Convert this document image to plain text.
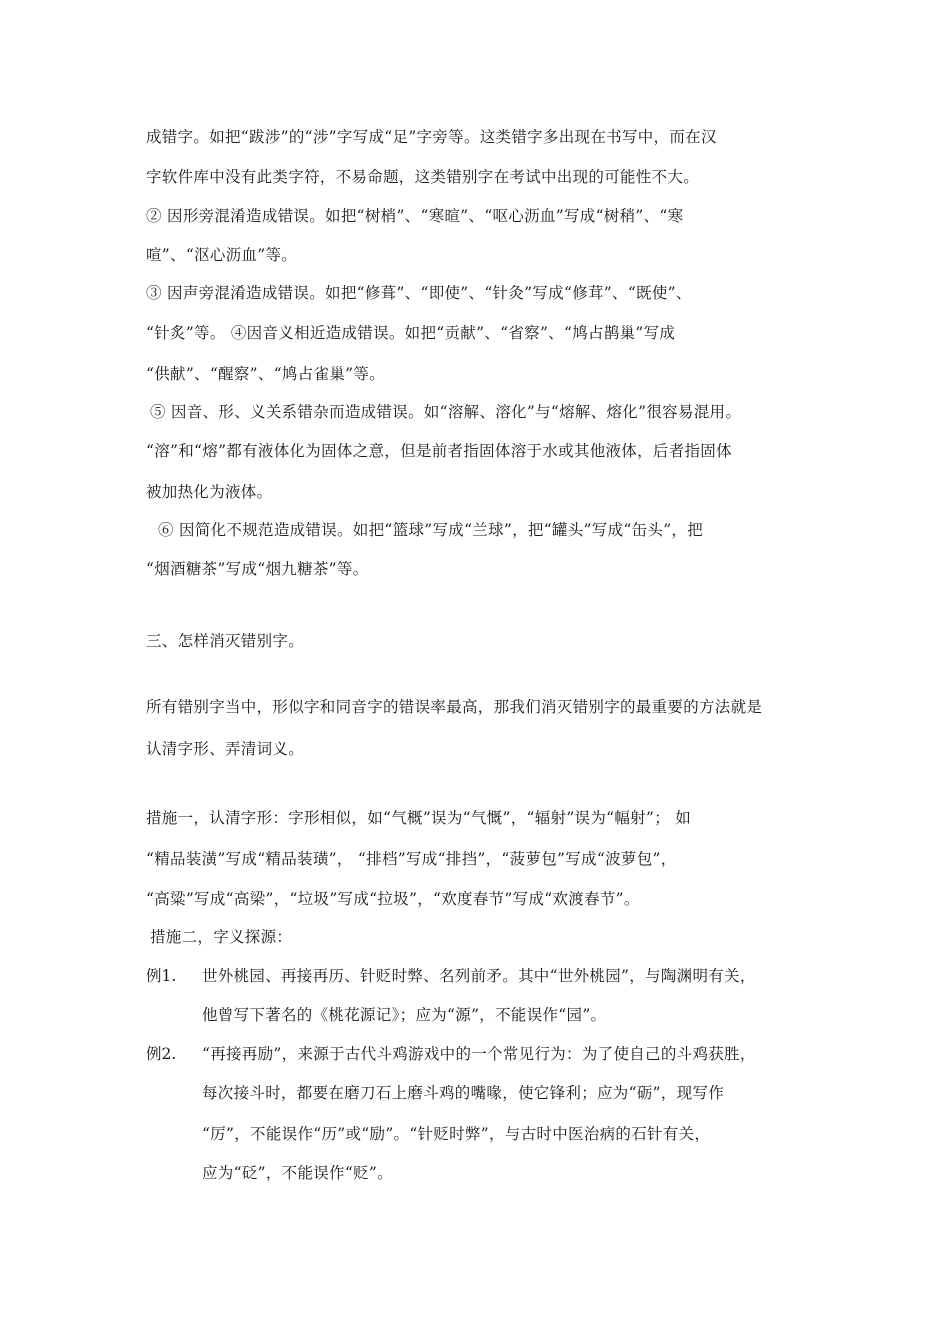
成错字。如把“跋涉”的“涉”字写成“足”字旁等。这类错字多出现在书写中，而在汉
字软件库中没有此类字符，不易命题，这类错别字在考试中出现的可能性不大。
② 因形旁混淆造成错误。如把“树梢”、“寒暄”、“呕心沥血”写成“树稍”、“寒
喧”、“沤心沥血”等。
③ 因声旁混淆造成错误。如把“修葺”、“即使”、“针灸”写成“修茸”、“既使”、
“针炙”等。 ④因音义相近造成错误。如把“贡献”、“省察”、“鸠占鹊巢”写成
“供献”、“醒察”、“鸠占雀巢”等。
⑤ 因音、形、义关系错杂而造成错误。如“溶解、溶化”与“熔解、熔化”很容易混用。
“溶”和“熔”都有液体化为固体之意，但是前者指固体溶于水或其他液体，后者指固体
被加热化为液体。
⑥ 因简化不规范造成错误。如把“篮球”写成“兰球”，把“罐头”写成“缶头”，把
“烟酒糖茶”写成“烟九糖茶”等。
三、怎样消灭错别字。
所有错别字当中，形似字和同音字的错误率最高，那我们消灭错别字的最重要的方法就是
认清字形、弄清词义。
措施一，认清字形：字形相似，如“气概”误为“气慨”，“辐射”误为“幅射”； 如
“精品装潢”写成“精品装璜”， “排档”写成“排挡”，“菠萝包”写成“波萝包”，
“高粱”写成“高梁”，“垃圾”写成“拉圾”，“欢度春节”写成“欢渡春节”。
措施二，字义探源：
例1. 世外桃园、再接再历、针贬时弊、名列前矛。其中“世外桃园”，与陶渊明有关，
他曾写下著名的《桃花源记》；应为“源”，不能误作“园”。
例2. “再接再励”，来源于古代斗鸡游戏中的一个常见行为：为了使自己的斗鸡获胜，
每次接斗时，都要在磨刀石上磨斗鸡的嘴喙，使它锋利；应为“砺”，现写作
“厉”，不能误作“历”或“励”。“针贬时弊”，与古时中医治病的石针有关，
应为“砭”，不能误作“贬”。
